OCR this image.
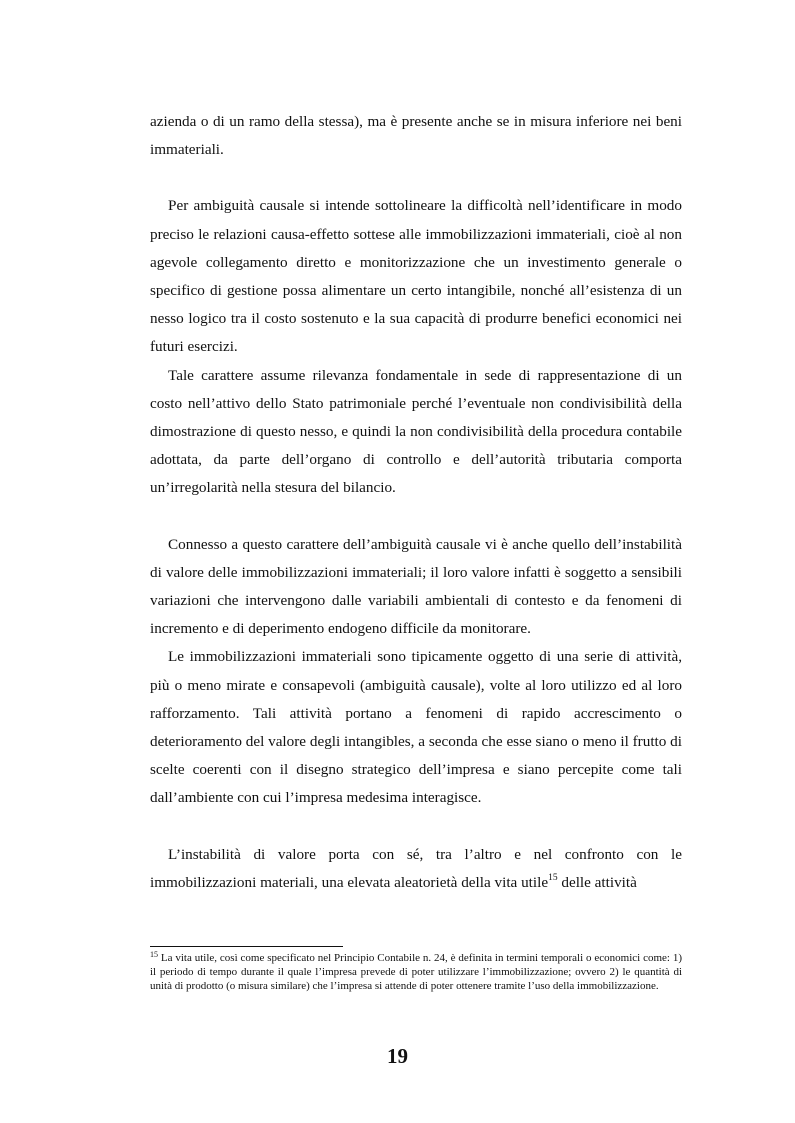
azienda o di un ramo della stessa), ma è presente anche se in misura inferiore nei beni immateriali.

Per ambiguità causale si intende sottolineare la difficoltà nell’identificare in modo preciso le relazioni causa-effetto sottese alle immobilizzazioni immateriali, cioè al non agevole collegamento diretto e monitorizzazione che un investimento generale o specifico di gestione possa alimentare un certo intangibile, nonché all’esistenza di un nesso logico tra il costo sostenuto e la sua capacità di produrre benefici economici nei futuri esercizi.

Tale carattere assume rilevanza fondamentale in sede di rappresentazione di un costo nell’attivo dello Stato patrimoniale perché l’eventuale non condivisibilità della dimostrazione di questo nesso, e quindi la non condivisibilità della procedura contabile adottata, da parte dell’organo di controllo e dell’autorità tributaria comporta un’irregolarità nella stesura del bilancio.

Connesso a questo carattere dell’ambiguità causale vi è anche quello dell’instabilità di valore delle immobilizzazioni immateriali; il loro valore infatti è soggetto a sensibili variazioni che intervengono dalle variabili ambientali di contesto e da fenomeni di incremento e di deperimento endogeno difficile da monitorare.

Le immobilizzazioni immateriali sono tipicamente oggetto di una serie di attività, più o meno mirate e consapevoli (ambiguità causale), volte al loro utilizzo ed al loro rafforzamento. Tali attività portano a fenomeni di rapido accrescimento o deterioramento del valore degli intangibles, a seconda che esse siano o meno il frutto di scelte coerenti con il disegno strategico dell’impresa e siano percepite come tali dall’ambiente con cui l’impresa medesima interagisce.

L’instabilità di valore porta con sé, tra l’altro e nel confronto con le immobilizzazioni materiali, una elevata aleatorietà della vita utile$^{15}$ delle attività

$^{15}$ La vita utile, così come specificato nel Principio Contabile n. 24, è definita in termini temporali o economici come: 1) il periodo di tempo durante il quale l’impresa prevede di poter utilizzare l’immobilizzazione; ovvero 2) le quantità di unità di prodotto (o misura similare) che l’impresa si attende di poter ottenere tramite l’uso della immobilizzazione.

19
